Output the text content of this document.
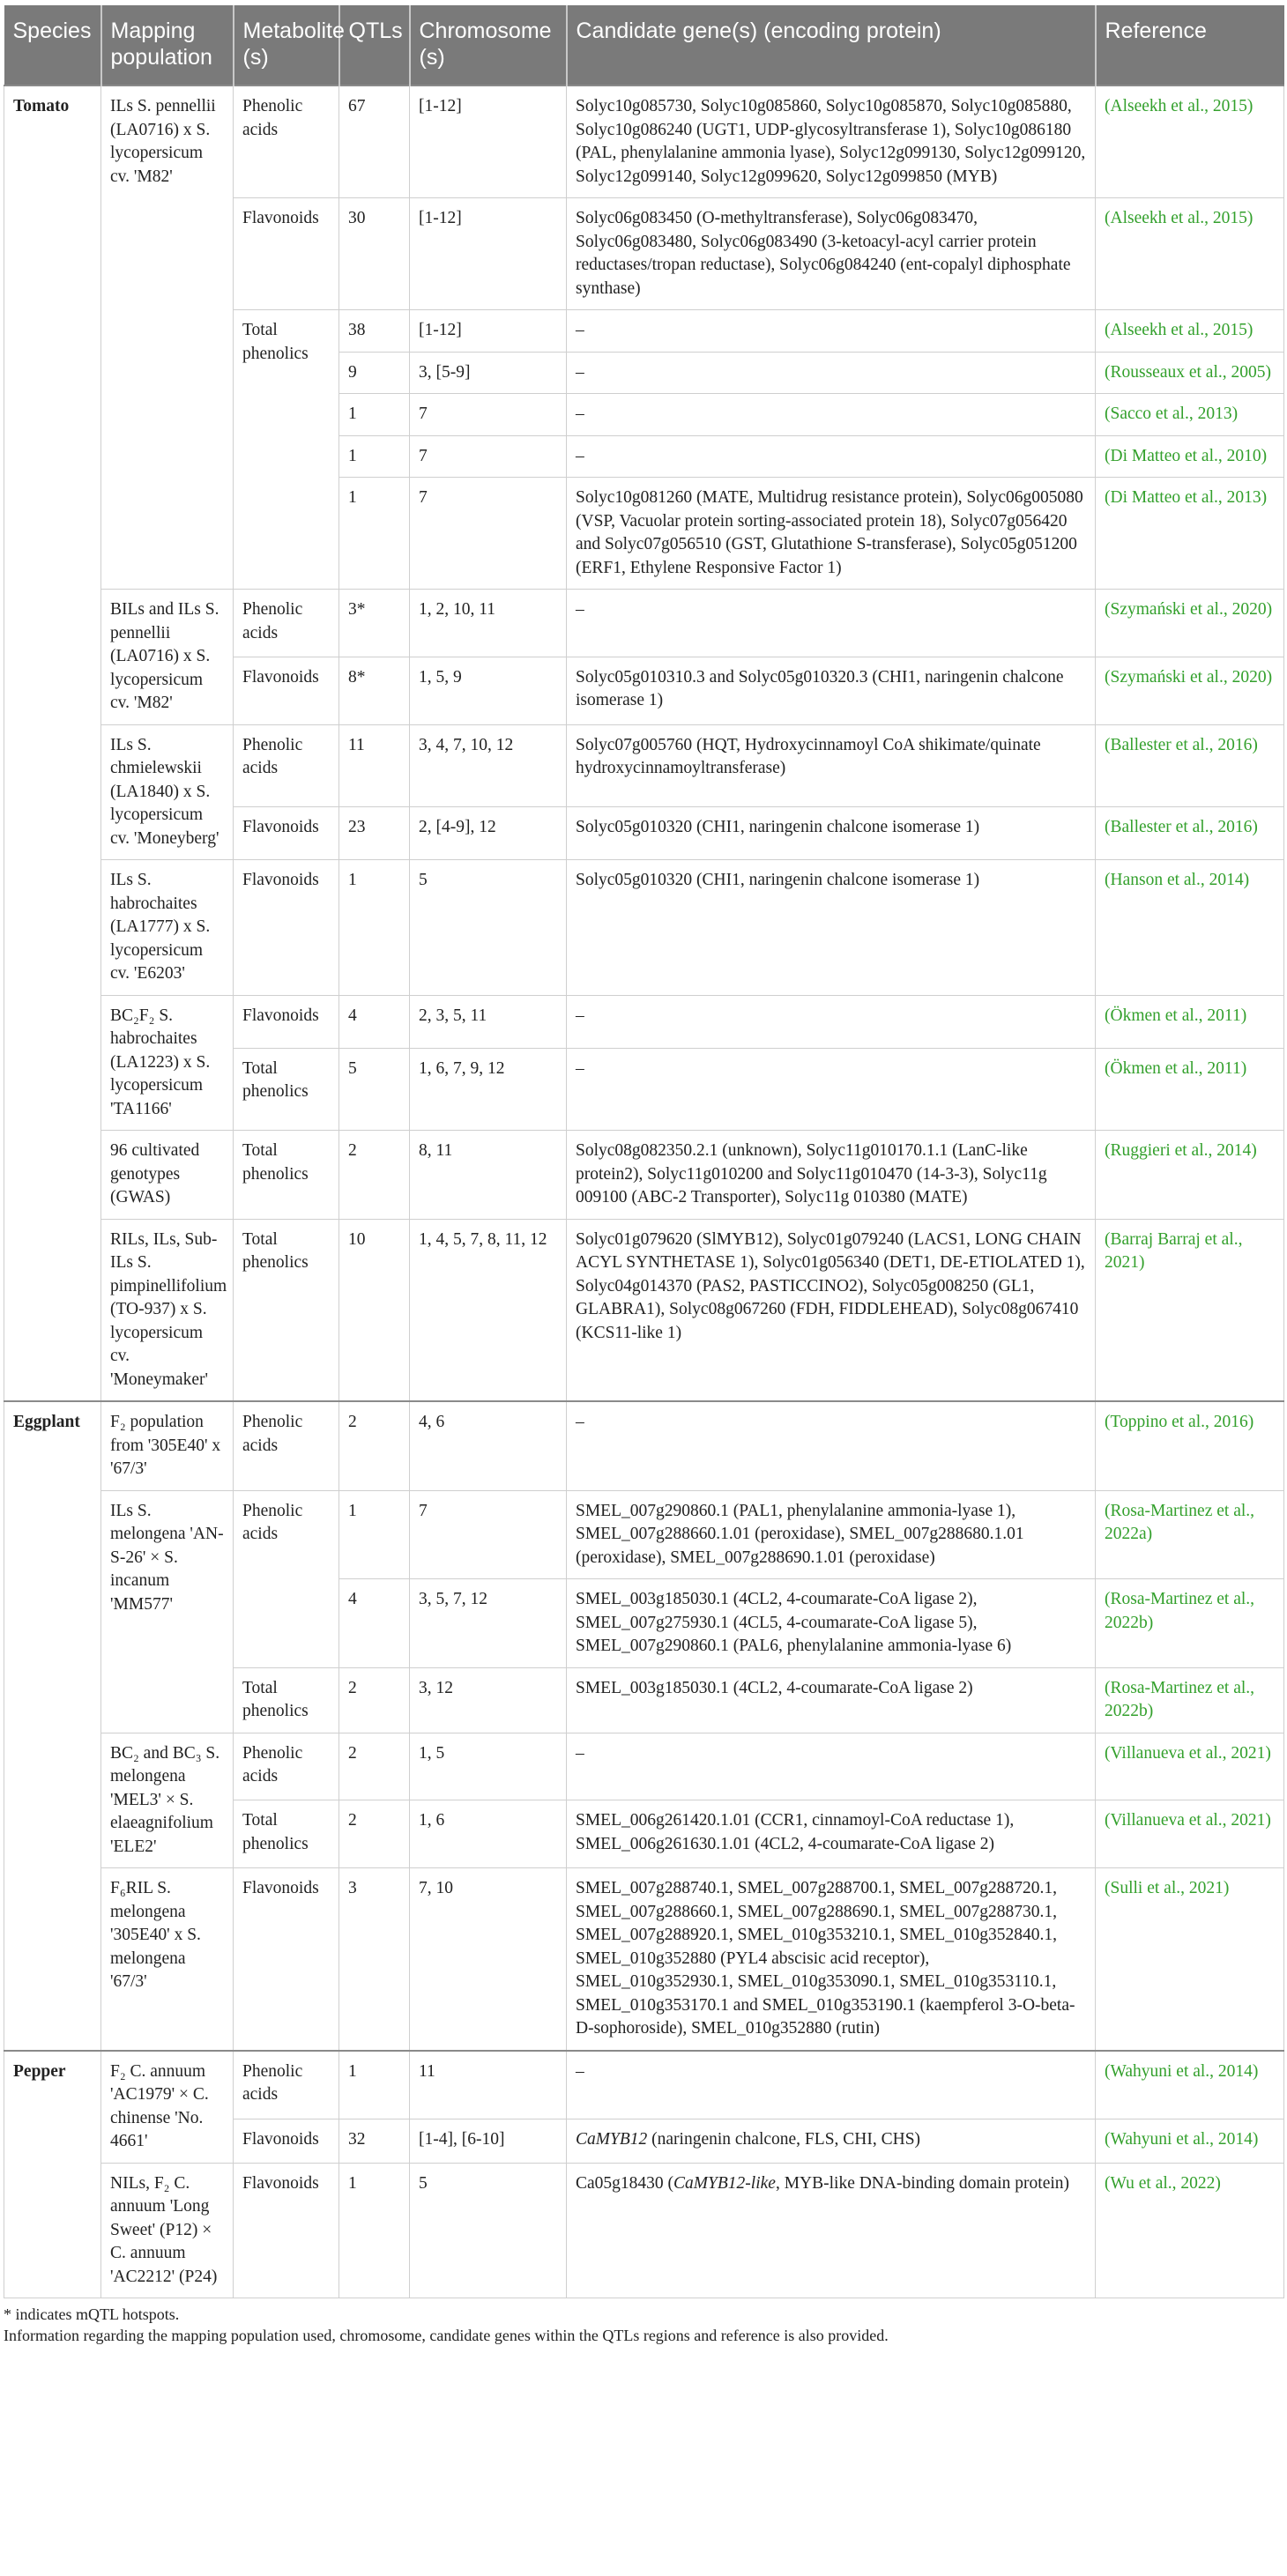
Species	Mapping population	Metabolite (s)	QTLs	Chromosome (s)	Candidate gene(s) (encoding protein)	Reference
Tomato	ILs S. pennellii (LA0716) x S. lycopersicum cv. 'M82'	Phenolic acids	67	[1-12]	Solyc10g085730, Solyc10g085860, Solyc10g085870, Solyc10g085880, Solyc10g086240 (UGT1, UDP-glycosyltransferase 1), Solyc10g086180 (PAL, phenylalanine ammonia lyase), Solyc12g099130, Solyc12g099120, Solyc12g099140, Solyc12g099620, Solyc12g099850 (MYB)	(Alseekh et al., 2015)
		Flavonoids	30	[1-12]	Solyc06g083450 (O-methyltransferase), Solyc06g083470, Solyc06g083480, Solyc06g083490 (3-ketoacyl-acyl carrier protein reductases/tropan reductase), Solyc06g084240 (ent-copalyl diphosphate synthase)	(Alseekh et al., 2015)
		Total phenolics	38	[1-12]	–	(Alseekh et al., 2015)
			9	3, [5-9]	–	(Rousseaux et al., 2005)
			1	7	–	(Sacco et al., 2013)
			1	7	–	(Di Matteo et al., 2010)
			1	7	Solyc10g081260 (MATE, Multidrug resistance protein), Solyc06g005080 (VSP, Vacuolar protein sorting-associated protein 18), Solyc07g056420 and Solyc07g056510 (GST, Glutathione S-transferase), Solyc05g051200 (ERF1, Ethylene Responsive Factor 1)	(Di Matteo et al., 2013)
	BILs and ILs S. pennellii (LA0716) x S. lycopersicum cv. 'M82'	Phenolic acids	3*	1, 2, 10, 11	–	(Szymański et al., 2020)
		Flavonoids	8*	1, 5, 9	Solyc05g010310.3 and Solyc05g010320.3 (CHI1, naringenin chalcone isomerase 1)	(Szymański et al., 2020)
	ILs S. chmielewskii (LA1840) x S. lycopersicum cv. 'Moneyberg'	Phenolic acids	11	3, 4, 7, 10, 12	Solyc07g005760 (HQT, Hydroxycinnamoyl CoA shikimate/quinate hydroxycinnamoyltransferase)	(Ballester et al., 2016)
		Flavonoids	23	2, [4-9], 12	Solyc05g010320 (CHI1, naringenin chalcone isomerase 1)	(Ballester et al., 2016)
	ILs S. habrochaites (LA1777) x S. lycopersicum cv. 'E6203'	Flavonoids	1	5	Solyc05g010320 (CHI1, naringenin chalcone isomerase 1)	(Hanson et al., 2014)
	BC₂F₂ S. habrochaites (LA1223) x S. lycopersicum 'TA1166'	Flavonoids	4	2, 3, 5, 11	–	(Ökmen et al., 2011)
		Total phenolics	5	1, 6, 7, 9, 12	–	(Ökmen et al., 2011)
	96 cultivated genotypes (GWAS)	Total phenolics	2	8, 11	Solyc08g082350.2.1 (unknown), Solyc11g010170.1.1 (LanC-like protein2), Solyc11g010200 and Solyc11g010470 (14-3-3), Solyc11g 009100 (ABC-2 Transporter), Solyc11g 010380 (MATE)	(Ruggieri et al., 2014)
	RILs, ILs, Sub-ILs S. pimpinellifolium (TO-937) x S. lycopersicum cv. 'Moneymaker'	Total phenolics	10	1, 4, 5, 7, 8, 11, 12	Solyc01g079620 (SlMYB12), Solyc01g079240 (LACS1, LONG CHAIN ACYL SYNTHETASE 1), Solyc01g056340 (DET1, DE-ETIOLATED 1), Solyc04g014370 (PAS2, PASTICCINO2), Solyc05g008250 (GL1, GLABRA1), Solyc08g067260 (FDH, FIDDLEHEAD), Solyc08g067410 (KCS11-like 1)	(Barraj Barraj et al., 2021)
Eggplant	F₂ population from '305E40' x '67/3'	Phenolic acids	2	4, 6	–	(Toppino et al., 2016)
	ILs S. melongena 'AN-S-26' × S. incanum 'MM577'	Phenolic acids	1	7	SMEL_007g290860.1 (PAL1, phenylalanine ammonia-lyase 1), SMEL_007g288660.1.01 (peroxidase), SMEL_007g288680.1.01 (peroxidase), SMEL_007g288690.1.01 (peroxidase)	(Rosa-Martinez et al., 2022a)
			4	3, 5, 7, 12	SMEL_003g185030.1 (4CL2, 4-coumarate-CoA ligase 2), SMEL_007g275930.1 (4CL5, 4-coumarate-CoA ligase 5), SMEL_007g290860.1 (PAL6, phenylalanine ammonia-lyase 6)	(Rosa-Martinez et al., 2022b)
		Total phenolics	2	3, 12	SMEL_003g185030.1 (4CL2, 4-coumarate-CoA ligase 2)	(Rosa-Martinez et al., 2022b)
	BC₂ and BC₃ S. melongena 'MEL3' × S. elaeagnifolium 'ELE2'	Phenolic acids	2	1, 5	–	(Villanueva et al., 2021)
		Total phenolics	2	1, 6	SMEL_006g261420.1.01 (CCR1, cinnamoyl-CoA reductase 1), SMEL_006g261630.1.01 (4CL2, 4-coumarate-CoA ligase 2)	(Villanueva et al., 2021)
	F₆RIL S. melongena '305E40' x S. melongena '67/3'	Flavonoids	3	7, 10	SMEL_007g288740.1, SMEL_007g288700.1, SMEL_007g288720.1, SMEL_007g288660.1, SMEL_007g288690.1, SMEL_007g288730.1, SMEL_007g288920.1, SMEL_010g353210.1, SMEL_010g352840.1, SMEL_010g352880 (PYL4 abscisic acid receptor), SMEL_010g352930.1, SMEL_010g353090.1, SMEL_010g353110.1, SMEL_010g353170.1 and SMEL_010g353190.1 (kaempferol 3-O-beta-D-sophoroside), SMEL_010g352880 (rutin)	(Sulli et al., 2021)
Pepper	F₂ C. annuum 'AC1979' × C. chinense 'No. 4661'	Phenolic acids	1	11	–	(Wahyuni et al., 2014)
		Flavonoids	32	[1-4], [6-10]	CaMYB12 (naringenin chalcone, FLS, CHI, CHS)	(Wahyuni et al., 2014)
	NILs, F₂ C. annuum 'Long Sweet' (P12) × C. annuum 'AC2212' (P24)	Flavonoids	1	5	Ca05g18430 (CaMYB12-like, MYB-like DNA-binding domain protein)	(Wu et al., 2022)
* indicates mQTL hotspots.
Information regarding the mapping population used, chromosome, candidate genes within the QTLs regions and reference is also provided.
